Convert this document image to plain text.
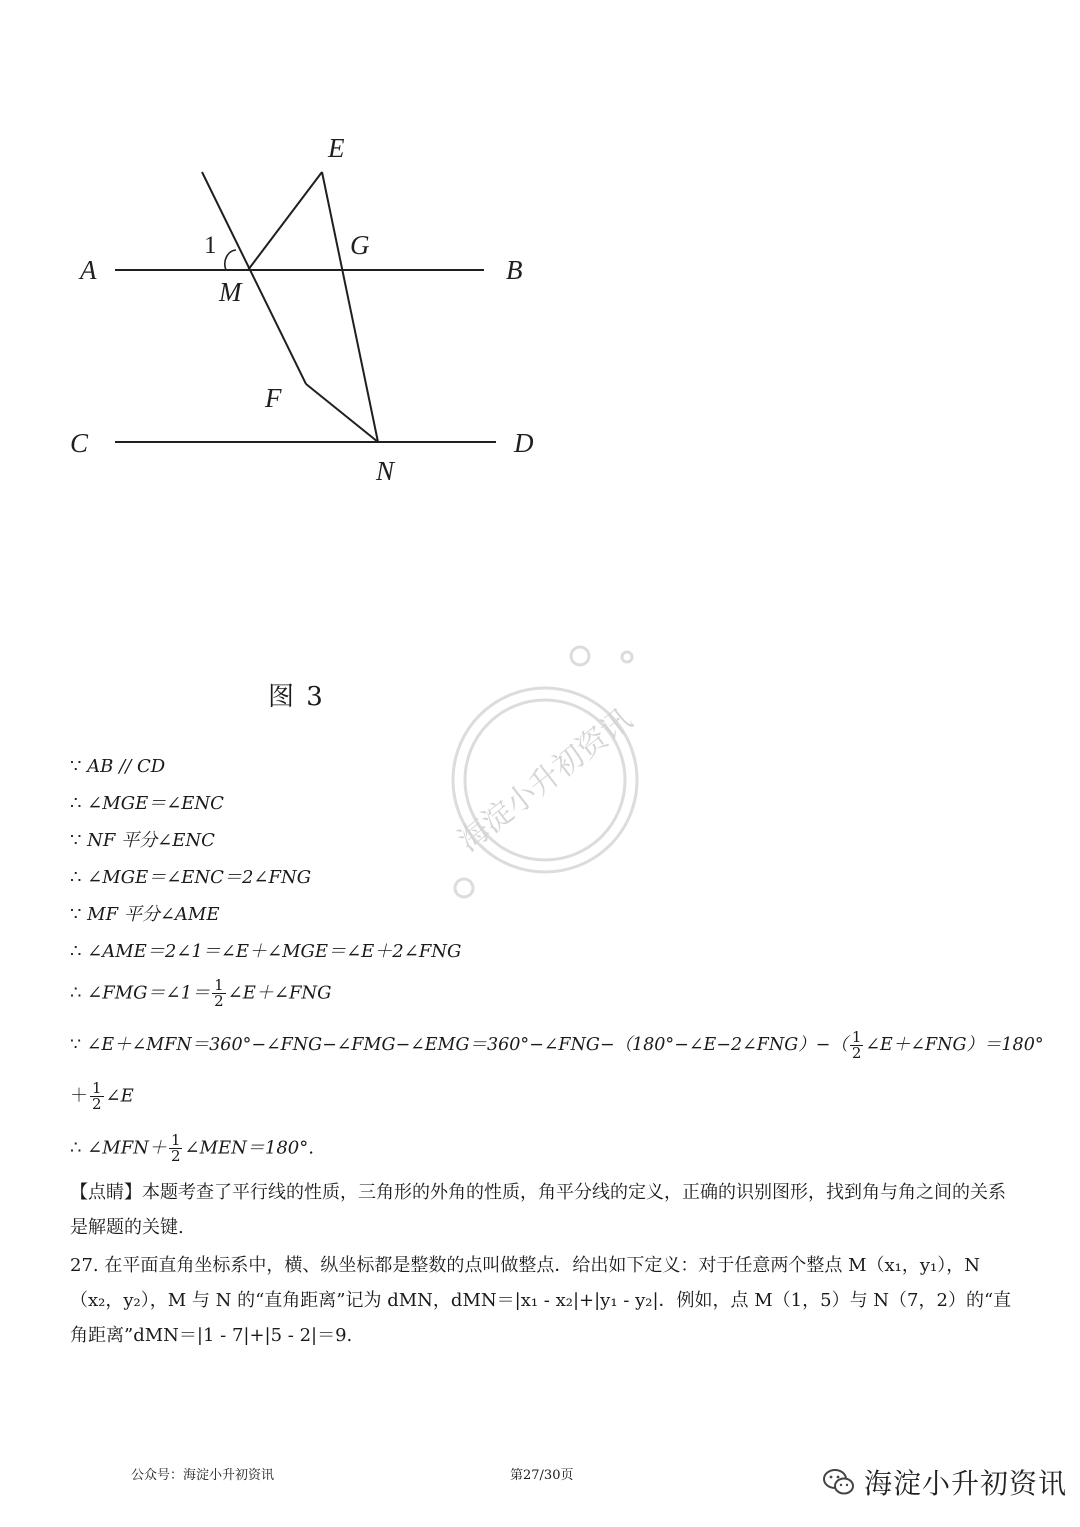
A	B
C	D
E
G
M
F
N
1
图 3
海淀小升初资讯
∵ AB // CD
∴ ∠MGE＝∠ENC
∵ NF 平分∠ENC
∴ ∠MGE＝∠ENC＝2∠FNG
∵ MF 平分∠AME
∴ ∠AME＝2∠1＝∠E＋∠MGE＝∠E＋2∠FNG
∴ ∠FMG＝∠1＝ $\frac{1}{2}$ ∠E＋∠FNG
∵ ∠E＋∠MFN＝360°−∠FNG−∠FMG−∠EMG＝360°−∠FNG−（180°−∠E−2∠FNG）−（ $\frac{1}{2}$ ∠E＋∠FNG）＝180°
＋ $\frac{1}{2}$ ∠E
∴ ∠MFN＋ $\frac{1}{2}$ ∠MEN＝180°.
【点睛】本题考查了平行线的性质，三角形的外角的性质，角平分线的定义，正确的识别图形，找到角与角之间的关系是解题的关键.
27. 在平面直角坐标系中，横、纵坐标都是整数的点叫做整点．给出如下定义：对于任意两个整点 M（x₁，y₁），N（x₂，y₂），M 与 N 的“直角距离”记为 dMN，dMN＝|x₁ - x₂|+|y₁ - y₂|．例如，点 M（1，5）与 N（7，2）的“直角距离”dMN＝|1 - 7|+|5 - 2|＝9.
公众号：海淀小升初资讯	第27/30页	海淀小升初资讯
